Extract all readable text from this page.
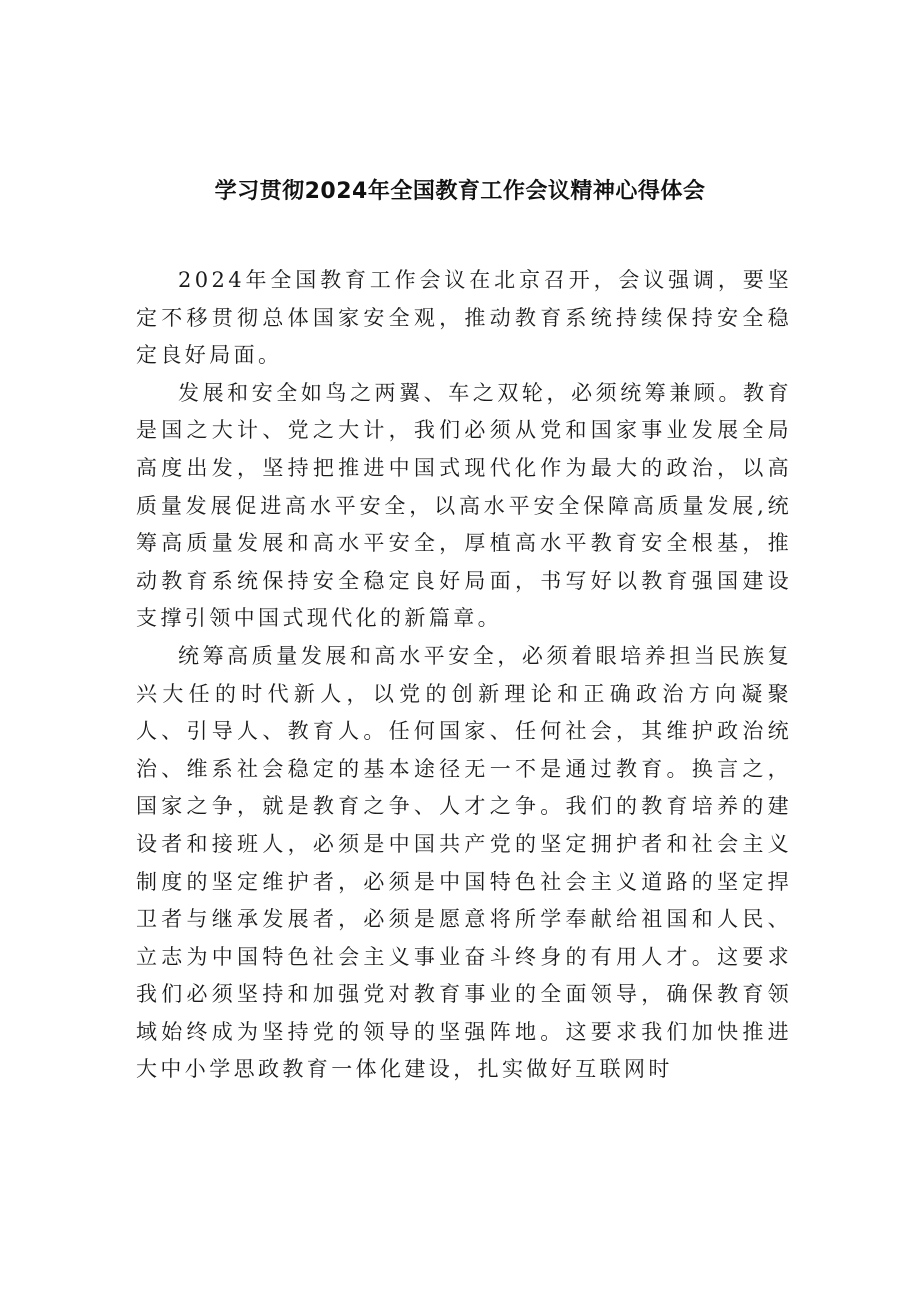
学习贯彻2024年全国教育工作会议精神心得体会

2024年全国教育工作会议在北京召开，会议强调，要坚定不移贯彻总体国家安全观，推动教育系统持续保持安全稳定良好局面。

发展和安全如鸟之两翼、车之双轮，必须统筹兼顾。教育是国之大计、党之大计，我们必须从党和国家事业发展全局高度出发，坚持把推进中国式现代化作为最大的政治，以高质量发展促进高水平安全，以高水平安全保障高质量发展,统筹高质量发展和高水平安全，厚植高水平教育安全根基，推动教育系统保持安全稳定良好局面，书写好以教育强国建设支撑引领中国式现代化的新篇章。

统筹高质量发展和高水平安全，必须着眼培养担当民族复兴大任的时代新人，以党的创新理论和正确政治方向凝聚人、引导人、教育人。任何国家、任何社会，其维护政治统治、维系社会稳定的基本途径无一不是通过教育。换言之，国家之争，就是教育之争、人才之争。我们的教育培养的建设者和接班人，必须是中国共产党的坚定拥护者和社会主义制度的坚定维护者，必须是中国特色社会主义道路的坚定捍卫者与继承发展者，必须是愿意将所学奉献给祖国和人民、立志为中国特色社会主义事业奋斗终身的有用人才。这要求我们必须坚持和加强党对教育事业的全面领导，确保教育领域始终成为坚持党的领导的坚强阵地。这要求我们加快推进大中小学思政教育一体化建设，扎实做好互联网时
